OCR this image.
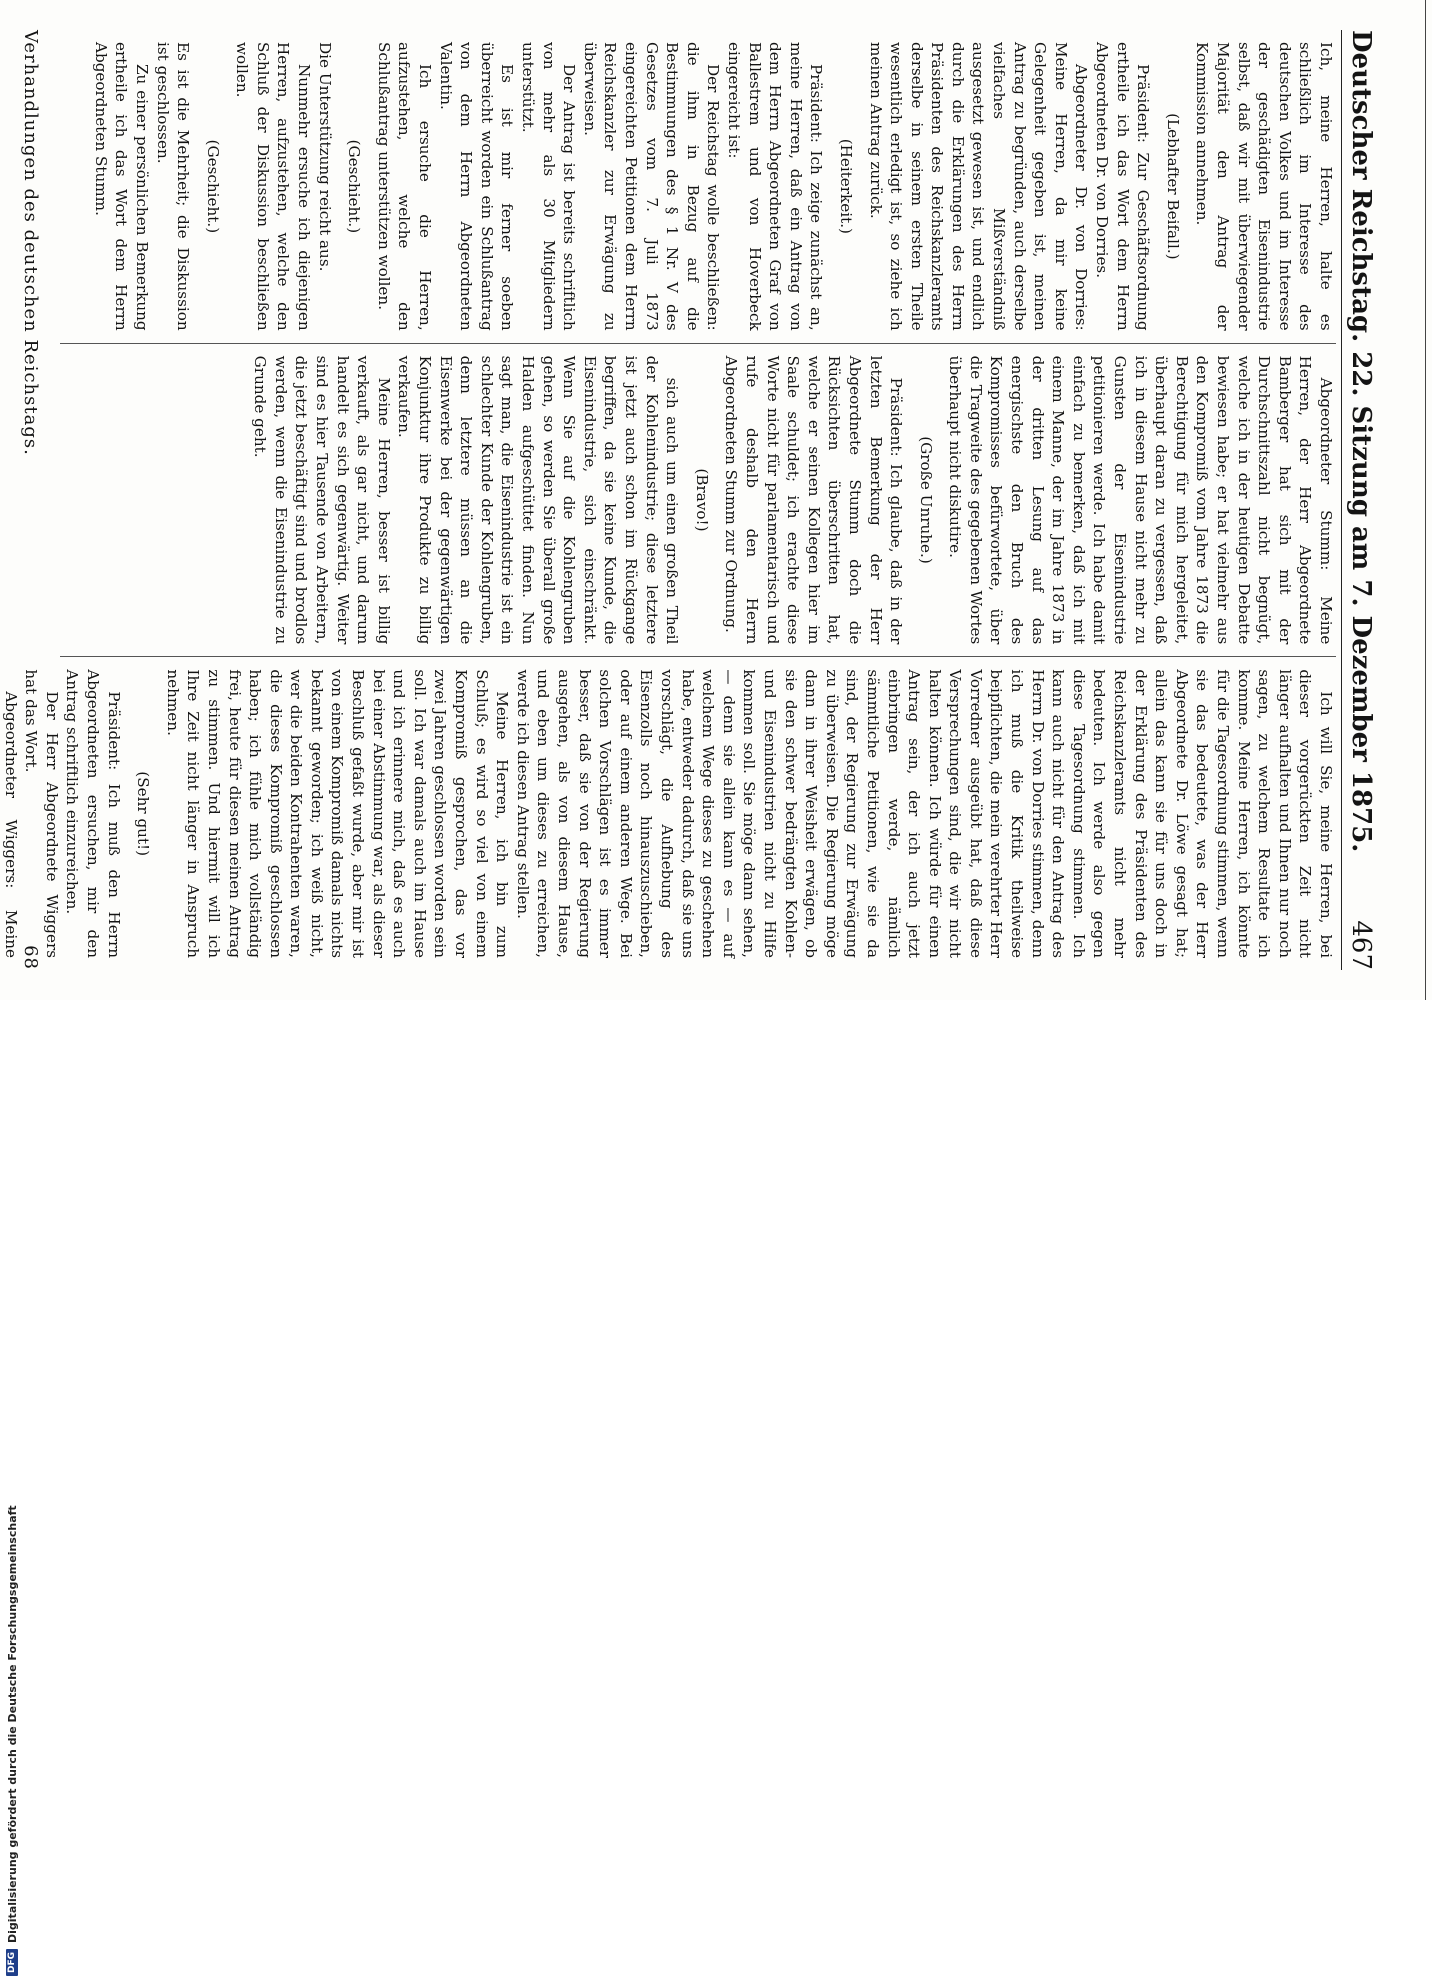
Deutscher Reichstag. 22. Sitzung am 7. Dezember 1875.
467

Ich, meine Herren, halte es schließlich im Interesse des deutschen Volkes und im Interesse der geschädigten Eisenindustrie selbst, daß wir mit überwiegender Majorität den Antrag der Kommission annehmen.

(Lebhafter Beifall.)

Präsident: Zur Geschäftsordnung ertheile ich das Wort dem Herrn Abgeordneten Dr. von Dorries.

Abgeordneter Dr. von Dorries: Meine Herren, da mir keine Gelegenheit gegeben ist, meinen Antrag zu begründen, auch derselbe vielfaches Mißverständniß ausgesetzt gewesen ist, und endlich durch die Erklärungen des Herrn Präsidenten des Reichskanzleramts derselbe in seinem ersten Theile wesentlich erledigt ist, so ziehe ich meinen Antrag zurück.

(Heiterkeit.)

Präsident: Ich zeige zunächst an, meine Herren, daß ein Antrag von dem Herrn Abgeordneten Graf von Ballestrem und von Hoverbeck eingereicht ist:

Der Reichstag wolle beschließen: die ihm in Bezug auf die Bestimmungen des § 1 Nr. V des Gesetzes vom 7. Juli 1873 eingereichten Petitionen dem Herrn Reichskanzler zur Erwägung zu überweisen.

Der Antrag ist bereits schriftlich von mehr als 30 Mitgliedern unterstützt.

Es ist mir ferner soeben überreicht worden ein Schlußantrag von dem Herrn Abgeordneten Valentin.

Ich ersuche die Herren, aufzustehen, welche den Schlußantrag unterstützen wollen.

(Geschieht.)

Die Unterstützung reicht aus.

Nunmehr ersuche ich diejenigen Herren, aufzustehen, welche den Schluß der Diskussion beschließen wollen.

(Geschieht.)

Es ist die Mehrheit; die Diskussion ist geschlossen.

Zu einer persönlichen Bemerkung ertheile ich das Wort dem Herrn Abgeordneten Stumm.

Abgeordneter Stumm: Meine Herren, der Herr Abgeordnete Bamberger hat sich mit der Durchschnittszahl nicht begnügt, welche ich in der heutigen Debatte bewiesen habe; er hat vielmehr aus den Kompromiß vom Jahre 1873 die Berechtigung für mich hergeleitet, überhaupt daran zu vergessen, daß ich in diesem Hause nicht mehr zu Gunsten der Eisenindustrie petitionieren werde. Ich habe damit einfach zu bemerken, daß ich mit einem Manne, der im Jahre 1873 in der dritten Lesung auf das energischste den Bruch des Kompromisses befürwortete, über die Tragweite des gegebenen Wortes überhaupt nicht diskutire.

(Große Unruhe.)

Präsident: Ich glaube, daß in der letzten Bemerkung der Herr Abgeordnete Stumm doch die Rücksichten überschritten hat, welche er seinen Kollegen hier im Saale schuldet; ich erachte diese Worte nicht für parlamentarisch und rufe deshalb den Herrn Abgeordneten Stumm zur Ordnung.

(Bravo!)

sich auch um einen großen Theil der Kohlenindustrie; diese letztere ist jetzt auch schon im Rückgange begriffen, da sie keine Kunde, die Eisenindustrie, sich einschränkt. Wenn Sie auf die Kohlengruben gehen, so werden Sie überall große Halden aufgeschüttet finden. Nun sagt man, die Eisenindustrie ist ein schlechter Kunde der Kohlengruben, denn letztere müssen an die Eisenwerke bei der gegenwärtigen Konjunktur ihre Produkte zu billig verkaufen.

Meine Herren, besser ist billig verkauft, als gar nicht, und darum handelt es sich gegenwärtig. Weiter sind es hier Tausende von Arbeitern, die jetzt beschäftigt sind und brodlos werden, wenn die Eisenindustrie zu Grunde geht.

Ich will Sie, meine Herren, bei dieser vorgerückten Zeit nicht länger aufhalten und Ihnen nur noch sagen, zu welchem Resultate ich komme. Meine Herren, ich könnte für die Tagesordnung stimmen, wenn sie das bedeutete, was der Herr Abgeordnete Dr. Löwe gesagt hat; allein das kann sie für uns doch in der Erklärung des Präsidenten des Reichskanzleramts nicht mehr bedeuten. Ich werde also gegen diese Tagesordnung stimmen. Ich kann auch nicht für den Antrag des Herrn Dr. von Dorries stimmen, denn ich muß die Kritik theilweise beipflichten, die mein verehrter Herr Vorredner ausgeübt hat, daß diese Versprechungen sind, die wir nicht halten können. Ich würde für einen Antrag sein, der ich auch jetzt einbringen werde, nämlich sämmtliche Petitionen, wie sie da sind, der Regierung zur Erwägung zu überweisen. Die Regierung möge dann in ihrer Weisheit erwägen, ob sie den schwer bedrängten Kohlen- und Eisenindustrien nicht zu Hilfe kommen soll. Sie möge dann sehen, — denn sie allein kann es — auf welchem Wege dieses zu geschehen habe, entweder dadurch, daß sie uns vorschlägt, die Aufhebung des Eisenzolls noch hinauszuschieben, oder auf einem anderen Wege. Bei solchen Vorschlägen ist es immer besser, daß sie von der Regierung ausgehen, als von diesem Hause, und eben um dieses zu erreichen, werde ich diesen Antrag stellen.

Meine Herren, ich bin zum Schluß; es wird so viel von einem Kompromiß gesprochen, das vor zwei Jahren geschlossen worden sein soll. Ich war damals auch im Hause und ich erinnere mich, daß es auch bei einer Abstimmung war, als dieser Beschluß gefaßt wurde, aber mir ist von einem Kompromiß damals nichts bekannt geworden; ich weiß nicht, wer die beiden Kontrahenten waren, die dieses Kompromiß geschlossen haben; ich fühle mich vollständig frei, heute für diesen meinen Antrag zu stimmen. Und hiermit will ich Ihre Zeit nicht länger in Anspruch nehmen.

(Sehr gut!)

Präsident: Ich muß den Herrn Abgeordneten ersuchen, mir den Antrag schriftlich einzureichen.

Der Herr Abgeordnete Wiggers hat das Wort.

Abgeordneter Wiggers: Meine

Verhandlungen des deutschen Reichstags.
68
DFG
Digitalisierung gefördert durch die Deutsche Forschungsgemeinschaft
